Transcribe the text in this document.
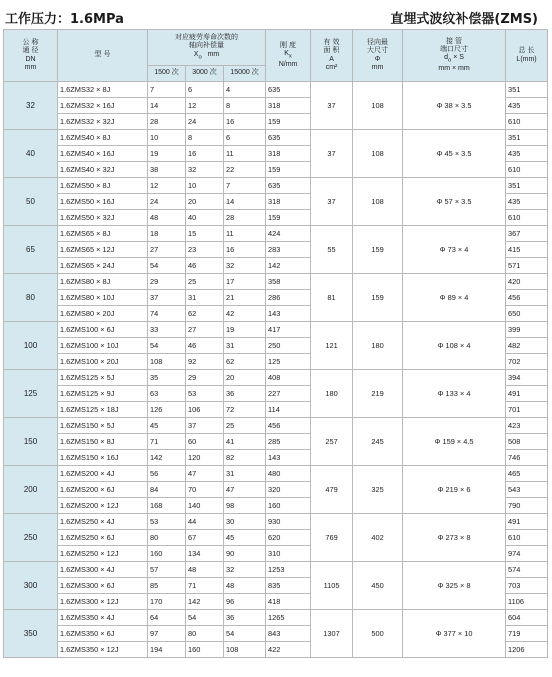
工作压力：1.6MPa	直埋式波纹补偿器(ZMS)
公 称
通 径
DN
mm	型 号	对应疲劳寿命次数的
轴向补偿量
$X_o$ mm			刚 度
$K_x$
N/mm	有 效
面 积
A
cm²	径向最
大尺寸
Φ
mm	接 管
端口尺寸
$d_o \times S$
mm × mm	总 长
L(mm)
		1500 次	3000 次	15000 次					
32	1.6ZMS32 × 8J	7	6	4	635	37	108	Φ 38 × 3.5	351
	1.6ZMS32 × 16J	14	12	8	318				435
	1.6ZMS32 × 32J	28	24	16	159				610
40	1.6ZMS40 × 8J	10	8	6	635	37	108	Φ 45 × 3.5	351
	1.6ZMS40 × 16J	19	16	11	318				435
	1.6ZMS40 × 32J	38	32	22	159				610
50	1.6ZMS50 × 8J	12	10	7	635	37	108	Φ 57 × 3.5	351
	1.6ZMS50 × 16J	24	20	14	318				435
	1.6ZMS50 × 32J	48	40	28	159				610
65	1.6ZMS65 × 8J	18	15	11	424	55	159	Φ 73 × 4	367
	1.6ZMS65 × 12J	27	23	16	283				415
	1.6ZMS65 × 24J	54	46	32	142				571
80	1.6ZMS80 × 8J	29	25	17	358	81	159	Φ 89 × 4	420
	1.6ZMS80 × 10J	37	31	21	286				456
	1.6ZMS80 × 20J	74	62	42	143				650
100	1.6ZMS100 × 6J	33	27	19	417	121	180	Φ 108 × 4	399
	1.6ZMS100 × 10J	54	46	31	250				482
	1.6ZMS100 × 20J	108	92	62	125				702
125	1.6ZMS125 × 5J	35	29	20	408	180	219	Φ 133 × 4	394
	1.6ZMS125 × 9J	63	53	36	227				491
	1.6ZMS125 × 18J	126	106	72	114				701
150	1.6ZMS150 × 5J	45	37	25	456	257	245	Φ 159 × 4.5	423
	1.6ZMS150 × 8J	71	60	41	285				508
	1.6ZMS150 × 16J	142	120	82	143				746
200	1.6ZMS200 × 4J	56	47	31	480	479	325	Φ 219 × 6	465
	1.6ZMS200 × 6J	84	70	47	320				543
	1.6ZMS200 × 12J	168	140	98	160				790
250	1.6ZMS250 × 4J	53	44	30	930	769	402	Φ 273 × 8	491
	1.6ZMS250 × 6J	80	67	45	620				610
	1.6ZMS250 × 12J	160	134	90	310				974
300	1.6ZMS300 × 4J	57	48	32	1253	1105	450	Φ 325 × 8	574
	1.6ZMS300 × 6J	85	71	48	835				703
	1.6ZMS300 × 12J	170	142	96	418				1106
350	1.6ZMS350 × 4J	64	54	36	1265	1307	500	Φ 377 × 10	604
	1.6ZMS350 × 6J	97	80	54	843				719
	1.6ZMS350 × 12J	194	160	108	422				1206
